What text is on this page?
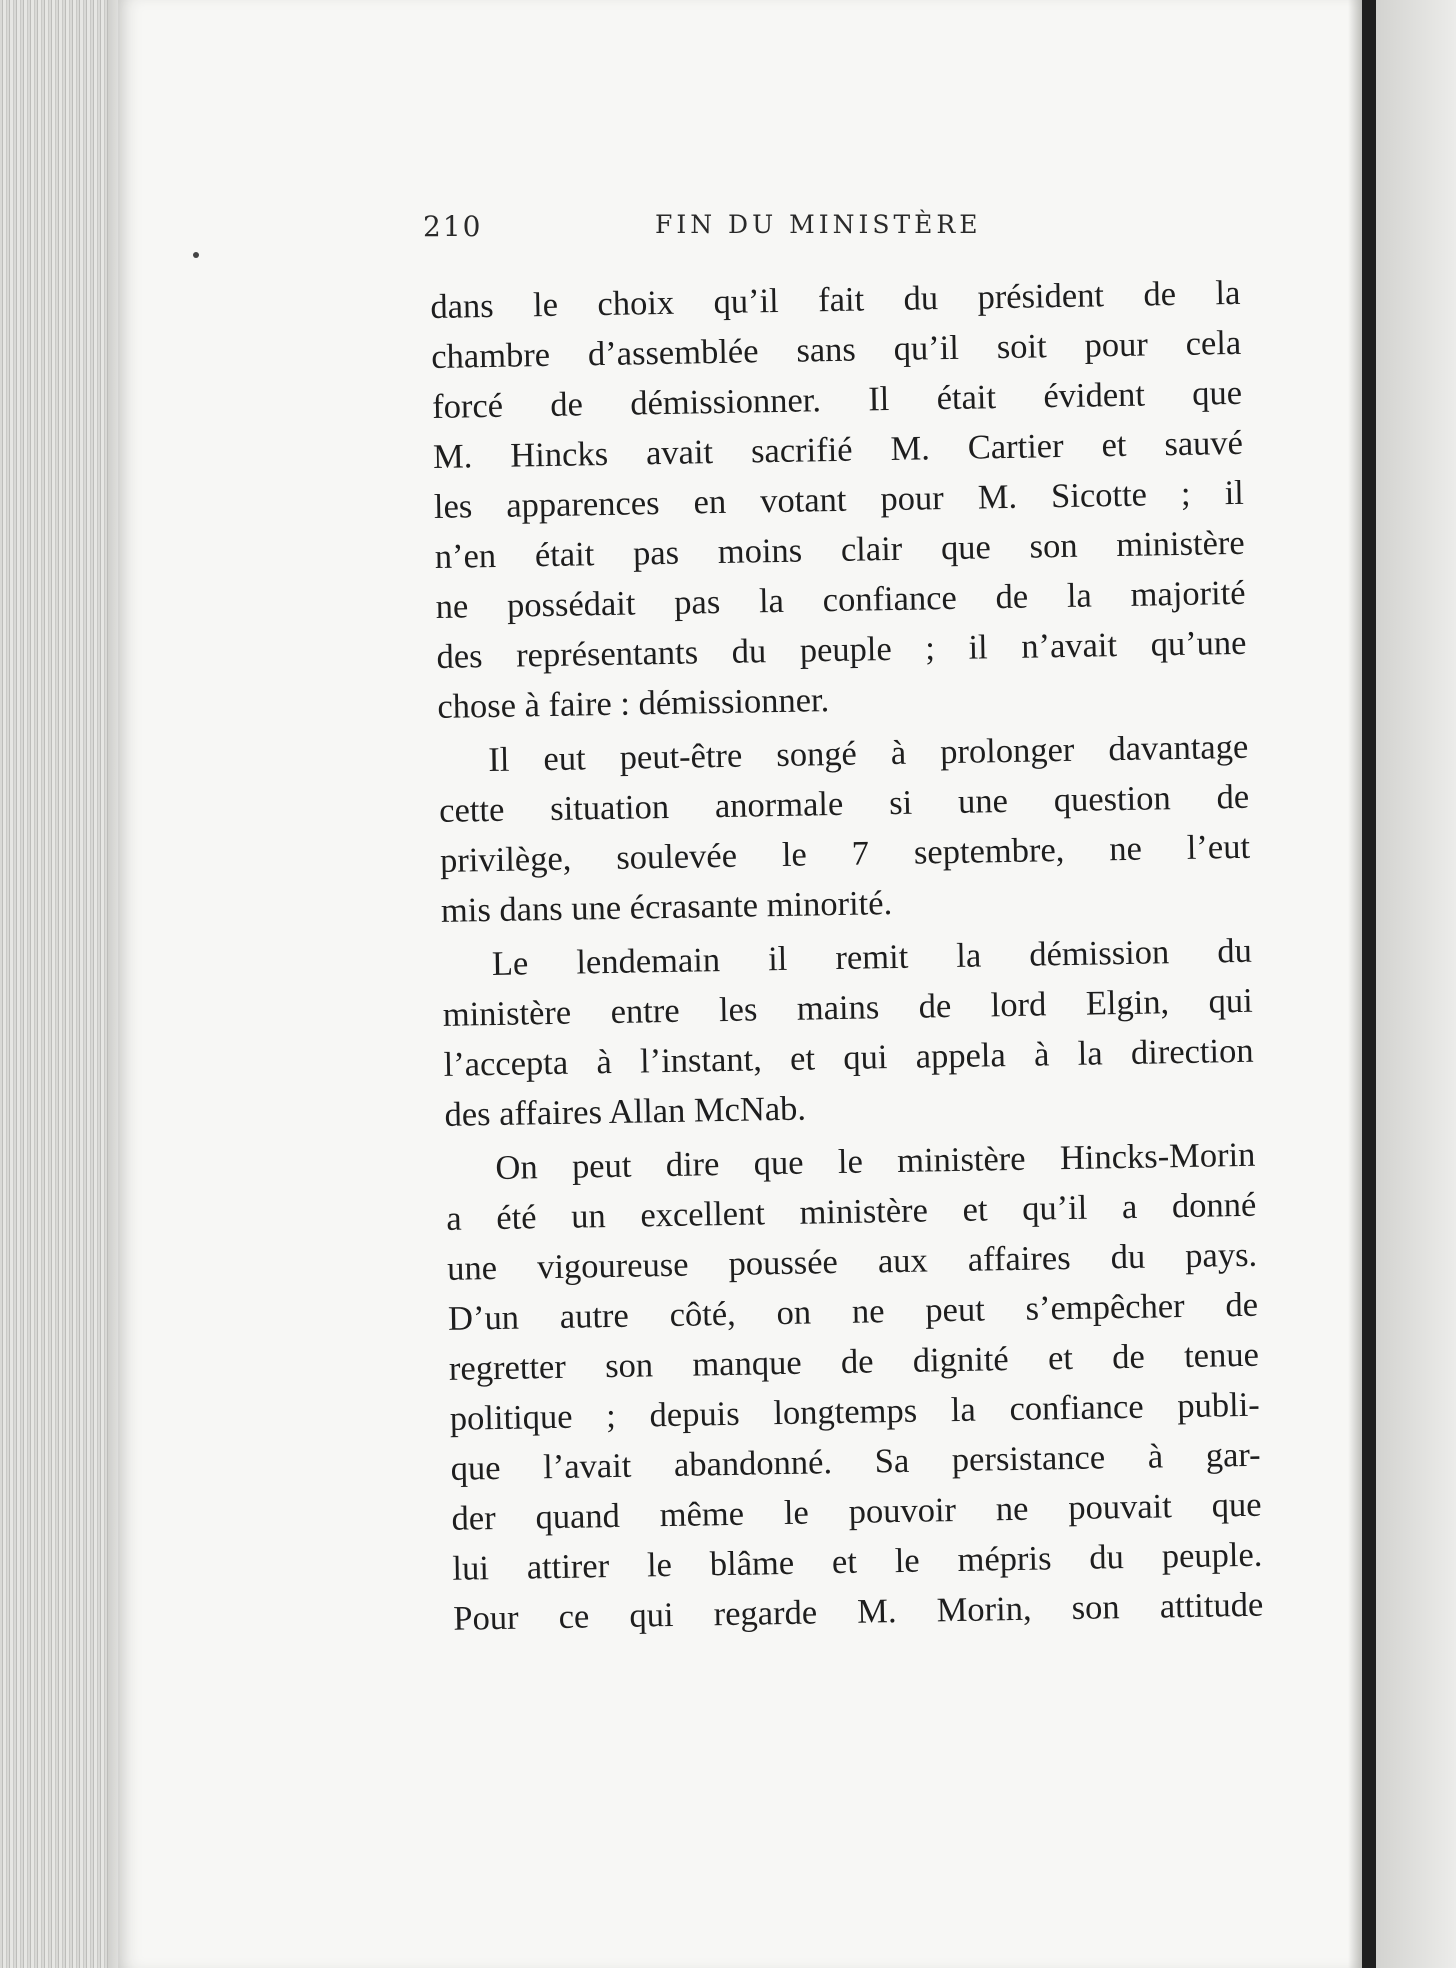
210	FIN DU MINISTÈRE
dans le choix qu’il fait du président de la
chambre d’assemblée sans qu’il soit pour cela
forcé de démissionner. Il était évident que
M. Hincks avait sacrifié M. Cartier et sauvé
les apparences en votant pour M. Sicotte ; il
n’en était pas moins clair que son ministère
ne possédait pas la confiance de la majorité
des représentants du peuple ; il n’avait qu’une
chose à faire : démissionner.
Il eut peut-être songé à prolonger davantage
cette situation anormale si une question de
privilège, soulevée le 7 septembre, ne l’eut
mis dans une écrasante minorité.
Le lendemain il remit la démission du
ministère entre les mains de lord Elgin, qui
l’accepta à l’instant, et qui appela à la direction
des affaires Allan McNab.
On peut dire que le ministère Hincks-Morin
a été un excellent ministère et qu’il a donné
une vigoureuse poussée aux affaires du pays.
D’un autre côté, on ne peut s’empêcher de
regretter son manque de dignité et de tenue
politique ; depuis longtemps la confiance publi-
que l’avait abandonné. Sa persistance à gar-
der quand même le pouvoir ne pouvait que
lui attirer le blâme et le mépris du peuple.
Pour ce qui regarde M. Morin, son attitude
